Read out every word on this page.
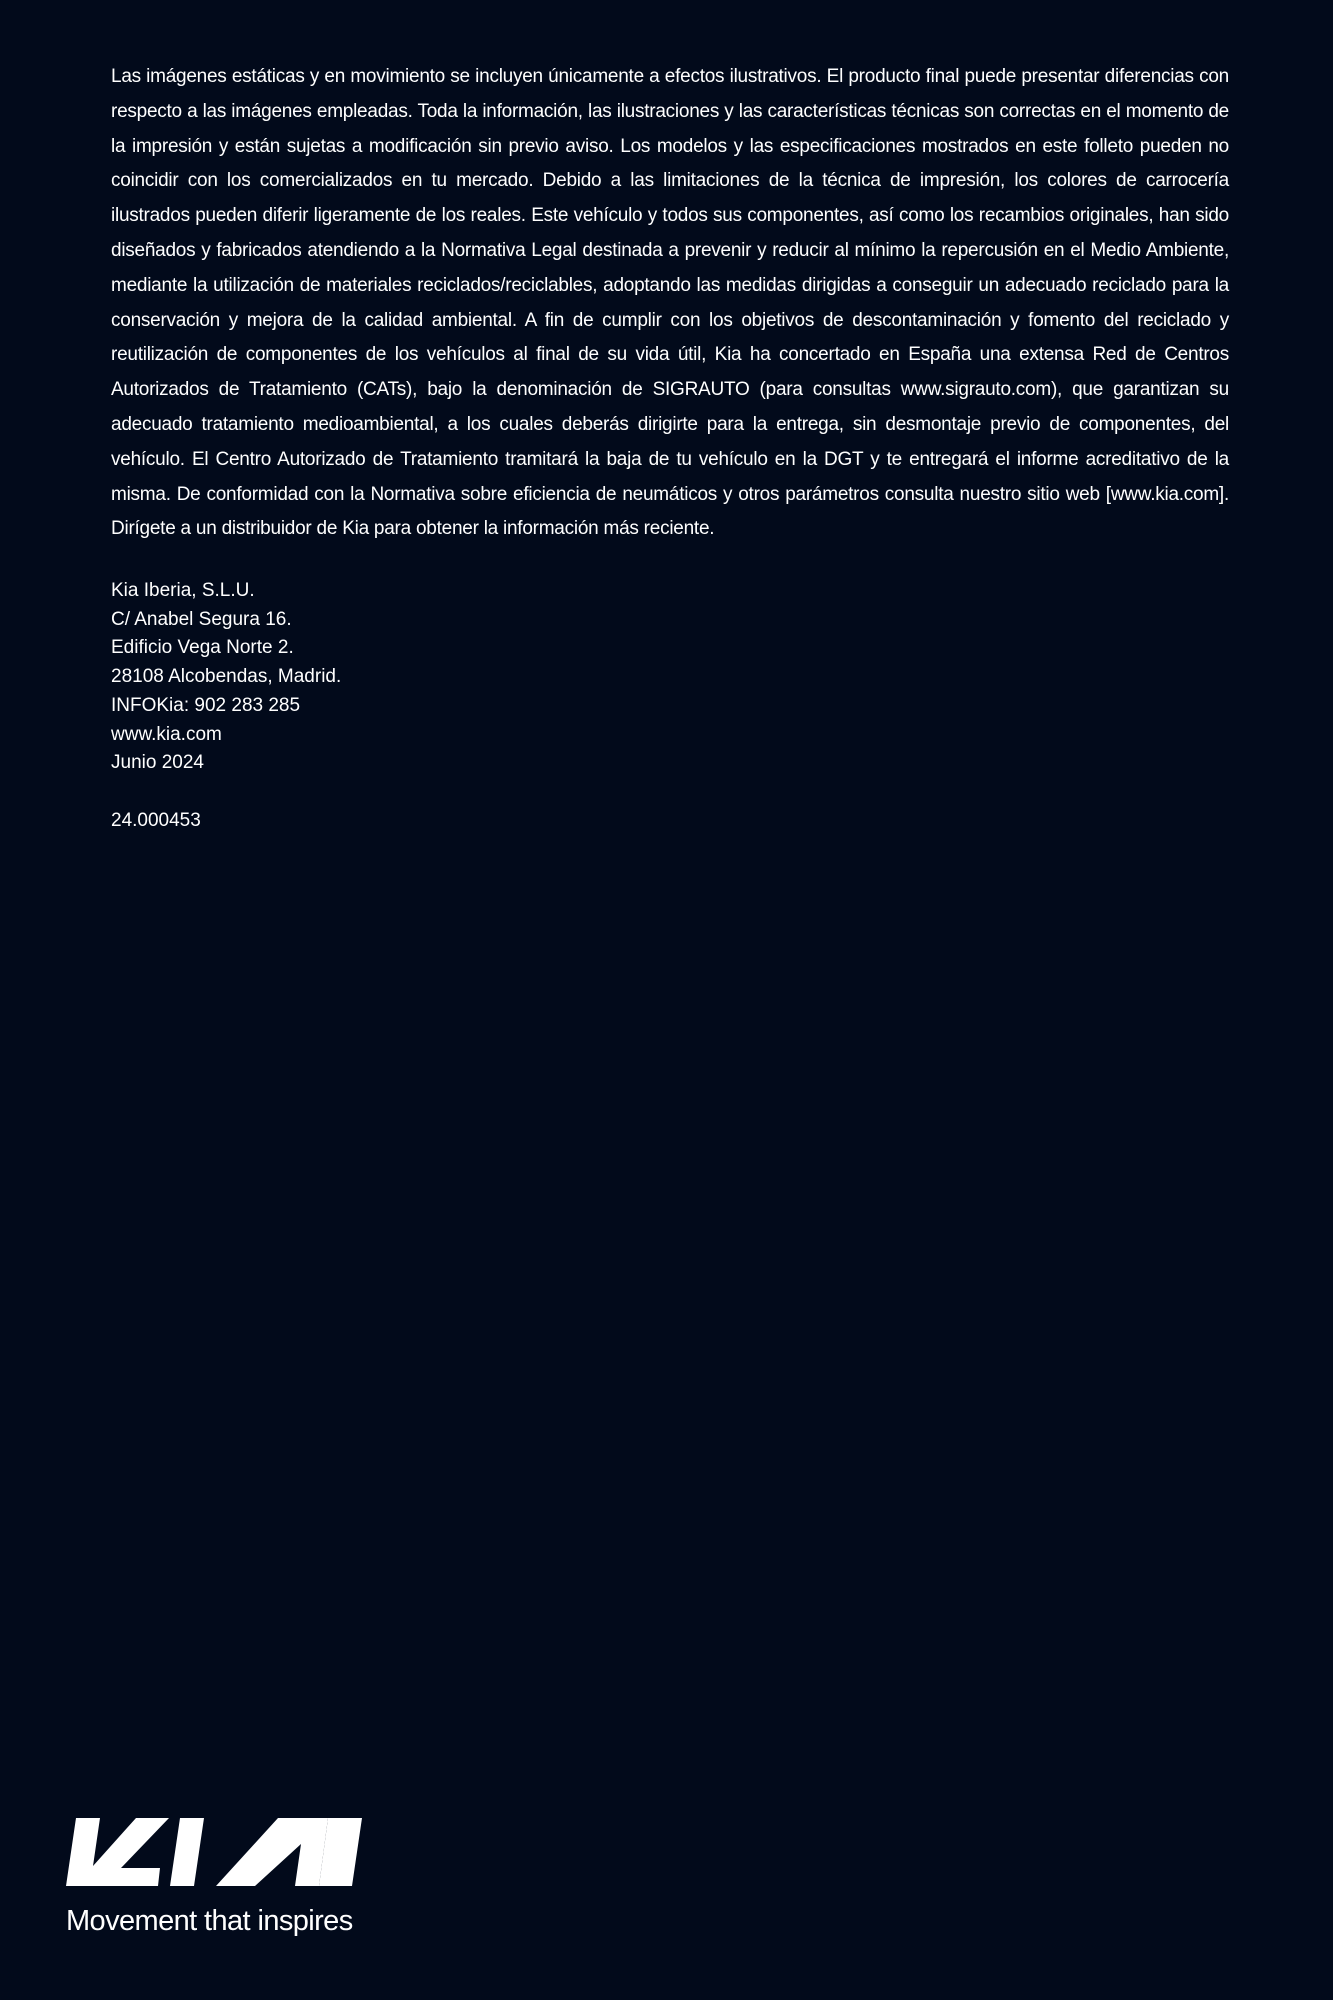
Las imágenes estáticas y en movimiento se incluyen únicamente a efectos ilustrativos. El producto final puede presentar diferencias con respecto a las imágenes empleadas. Toda la información, las ilustraciones y las características técnicas son correctas en el momento de la impresión y están sujetas a modificación sin previo aviso. Los modelos y las especificaciones mostrados en este folleto pueden no coincidir con los comercializados en tu mercado. Debido a las limitaciones de la técnica de impresión, los colores de carrocería ilustrados pueden diferir ligeramente de los reales. Este vehículo y todos sus componentes, así como los recambios originales, han sido diseñados y fabricados atendiendo a la Normativa Legal destinada a prevenir y reducir al mínimo la repercusión en el Medio Ambiente, mediante la utilización de materiales reciclados/reciclables, adoptando las medidas dirigidas a conseguir un adecuado reciclado para la conservación y mejora de la calidad ambiental. A fin de cumplir con los objetivos de descontaminación y fomento del reciclado y reutilización de componentes de los vehículos al final de su vida útil, Kia ha concertado en España una extensa Red de Centros Autorizados de Tratamiento (CATs), bajo la denominación de SIGRAUTO (para consultas www.sigrauto.com), que garantizan su adecuado tratamiento medioambiental, a los cuales deberás dirigirte para la entrega, sin desmontaje previo de componentes, del vehículo. El Centro Autorizado de Tratamiento tramitará la baja de tu vehículo en la DGT y te entregará el informe acreditativo de la misma. De conformidad con la Normativa sobre eficiencia de neumáticos y otros parámetros consulta nuestro sitio web [www.kia.com]. Dirígete a un distribuidor de Kia para obtener la información más reciente.

Kia Iberia, S.L.U.
C/ Anabel Segura 16.
Edificio Vega Norte 2.
28108 Alcobendas, Madrid.
INFOKia: 902 283 285
www.kia.com
Junio 2024
24.000453
Movement that inspires
